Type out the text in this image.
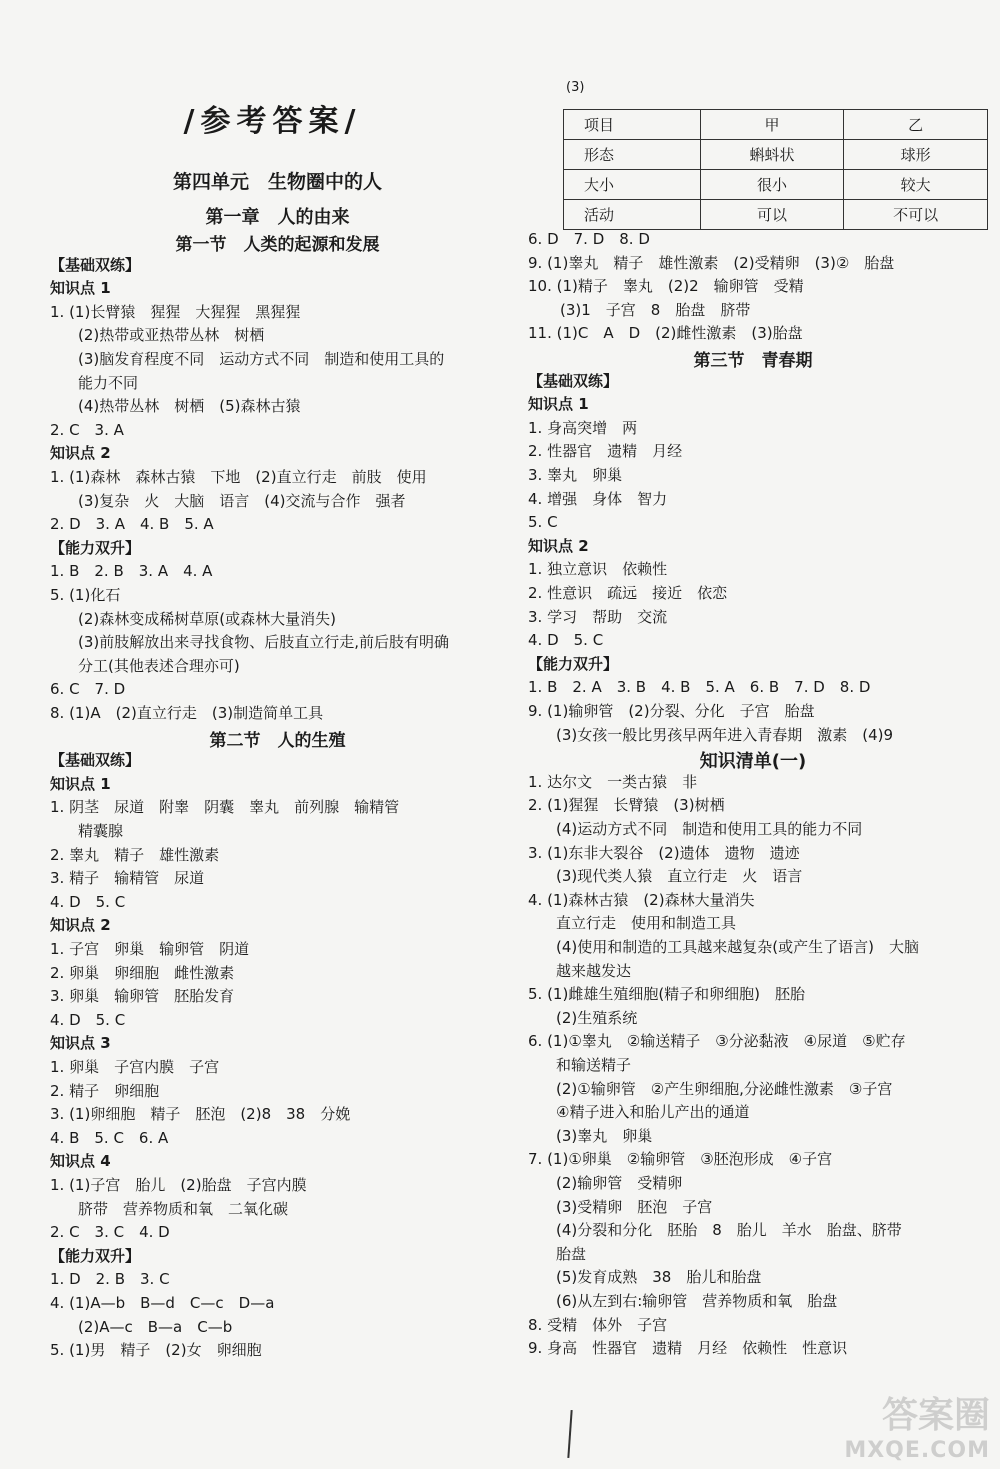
/参考答案/
第四单元　生物圈中的人
第一章　人的由来
第一节　人类的起源和发展
【基础双练】
知识点 1
1. (1)长臂猿　猩猩　大猩猩　黑猩猩
(2)热带或亚热带丛林　树栖
(3)脑发育程度不同　运动方式不同　制造和使用工具的
能力不同
(4)热带丛林　树栖　(5)森林古猿
2. C　3. A
知识点 2
1. (1)森林　森林古猿　下地　(2)直立行走　前肢　使用
(3)复杂　火　大脑　语言　(4)交流与合作　强者
2. D　3. A　4. B　5. A
【能力双升】
1. B　2. B　3. A　4. A
5. (1)化石
(2)森林变成稀树草原(或森林大量消失)
(3)前肢解放出来寻找食物、后肢直立行走,前后肢有明确
分工(其他表述合理亦可)
6. C　7. D
8. (1)A　(2)直立行走　(3)制造简单工具
第二节　人的生殖
【基础双练】
知识点 1
1. 阴茎　尿道　附睾　阴囊　睾丸　前列腺　输精管
精囊腺
2. 睾丸　精子　雄性激素
3. 精子　输精管　尿道
4. D　5. C
知识点 2
1. 子宫　卵巢　输卵管　阴道
2. 卵巢　卵细胞　雌性激素
3. 卵巢　输卵管　胚胎发育
4. D　5. C
知识点 3
1. 卵巢　子宫内膜　子宫
2. 精子　卵细胞
3. (1)卵细胞　精子　胚泡　(2)8　38　分娩
4. B　5. C　6. A
知识点 4
1. (1)子宫　胎儿　(2)胎盘　子宫内膜
脐带　营养物质和氧　二氧化碳
2. C　3. C　4. D
【能力双升】
1. D　2. B　3. C
4. (1)A—b　B—d　C—c　D—a
(2)A—c　B—a　C—b
5. (1)男　精子　(2)女　卵细胞
(3)
项目	甲	乙
形态	蝌蚪状	球形
大小	很小	较大
活动	可以	不可以
6. D　7. D　8. D
9. (1)睾丸　精子　雄性激素　(2)受精卵　(3)②　胎盘
10. (1)精子　睾丸　(2)2　输卵管　受精
(3)1　子宫　8　胎盘　脐带
11. (1)C　A　D　(2)雌性激素　(3)胎盘
第三节　青春期
【基础双练】
知识点 1
1. 身高突增　两
2. 性器官　遗精　月经
3. 睾丸　卵巢
4. 增强　身体　智力
5. C
知识点 2
1. 独立意识　依赖性
2. 性意识　疏远　接近　依恋
3. 学习　帮助　交流
4. D　5. C
【能力双升】
1. B　2. A　3. B　4. B　5. A　6. B　7. D　8. D
9. (1)输卵管　(2)分裂、分化　子宫　胎盘
(3)女孩一般比男孩早两年进入青春期　激素　(4)9
知识清单(一)
1. 达尔文　一类古猿　非
2. (1)猩猩　长臂猿　(3)树栖
(4)运动方式不同　制造和使用工具的能力不同
3. (1)东非大裂谷　(2)遗体　遗物　遗迹
(3)现代类人猿　直立行走　火　语言
4. (1)森林古猿　(2)森林大量消失
直立行走　使用和制造工具
(4)使用和制造的工具越来越复杂(或产生了语言)　大脑
越来越发达
5. (1)雌雄生殖细胞(精子和卵细胞)　胚胎
(2)生殖系统
6. (1)①睾丸　②输送精子　③分泌黏液　④尿道　⑤贮存
和输送精子
(2)①输卵管　②产生卵细胞,分泌雌性激素　③子宫
④精子进入和胎儿产出的通道
(3)睾丸　卵巢
7. (1)①卵巢　②输卵管　③胚泡形成　④子宫
(2)输卵管　受精卵
(3)受精卵　胚泡　子宫
(4)分裂和分化　胚胎　8　胎儿　羊水　胎盘、脐带
胎盘
(5)发育成熟　38　胎儿和胎盘
(6)从左到右:输卵管　营养物质和氧　胎盘
8. 受精　体外　子宫
9. 身高　性器官　遗精　月经　依赖性　性意识
答案圈
MXQE.COM
